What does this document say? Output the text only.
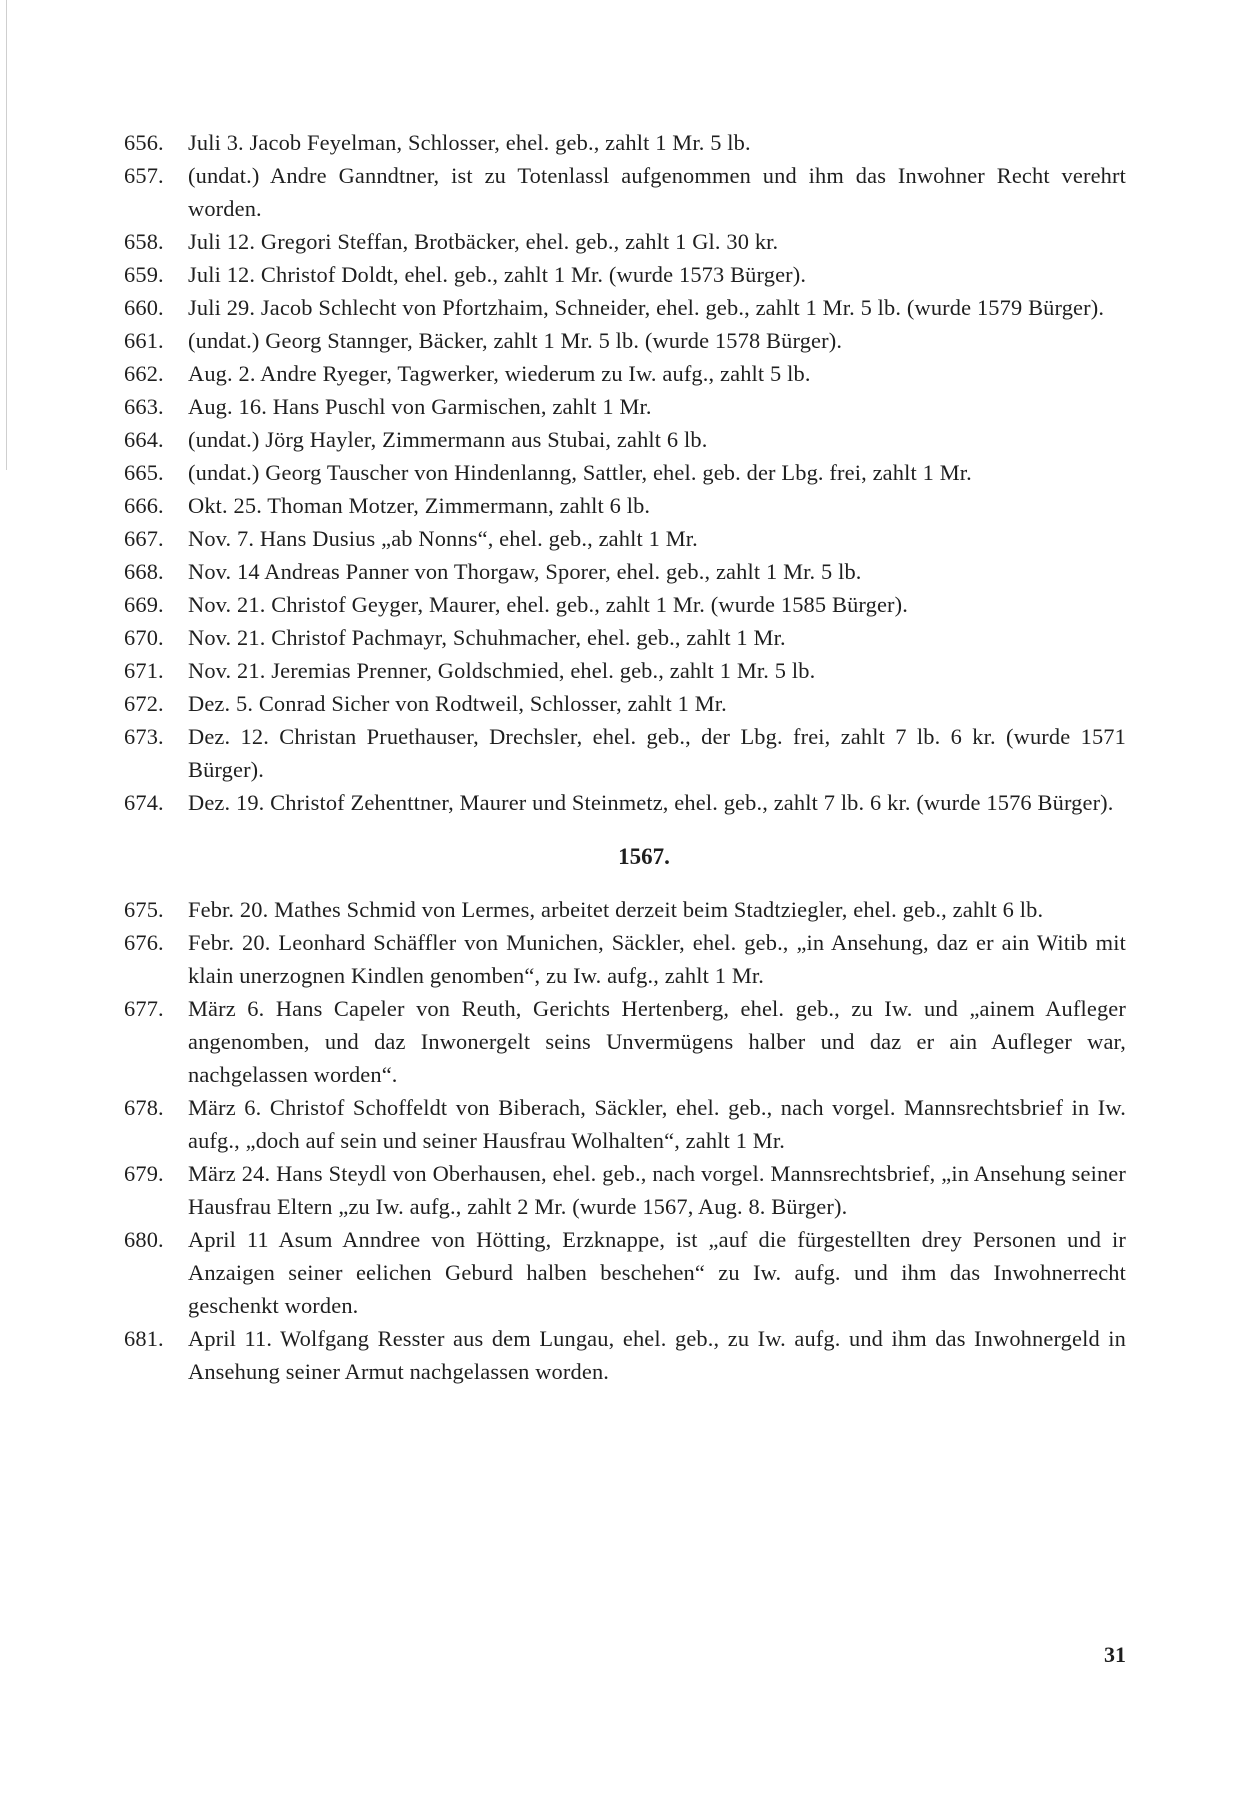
656.	Juli 3. Jacob Feyelman, Schlosser, ehel. geb., zahlt 1 Mr. 5 lb.
657.	(undat.) Andre Ganndtner, ist zu Totenlassl aufgenommen und ihm das Inwohner Recht verehrt worden.
658.	Juli 12. Gregori Steffan, Brotbäcker, ehel. geb., zahlt 1 Gl. 30 kr.
659.	Juli 12. Christof Doldt, ehel. geb., zahlt 1 Mr. (wurde 1573 Bürger).
660.	Juli 29. Jacob Schlecht von Pfortzhaim, Schneider, ehel. geb., zahlt 1 Mr. 5 lb. (wurde 1579 Bürger).
661.	(undat.) Georg Stannger, Bäcker, zahlt 1 Mr. 5 lb. (wurde 1578 Bürger).
662.	Aug. 2. Andre Ryeger, Tagwerker, wiederum zu Iw. aufg., zahlt 5 lb.
663.	Aug. 16. Hans Puschl von Garmischen, zahlt 1 Mr.
664.	(undat.) Jörg Hayler, Zimmermann aus Stubai, zahlt 6 lb.
665.	(undat.) Georg Tauscher von Hindenlanng, Sattler, ehel. geb. der Lbg. frei, zahlt 1 Mr.
666.	Okt. 25. Thoman Motzer, Zimmermann, zahlt 6 lb.
667.	Nov. 7. Hans Dusius „ab Nonns“, ehel. geb., zahlt 1 Mr.
668.	Nov. 14 Andreas Panner von Thorgaw, Sporer, ehel. geb., zahlt 1 Mr. 5 lb.
669.	Nov. 21. Christof Geyger, Maurer, ehel. geb., zahlt 1 Mr. (wurde 1585 Bürger).
670.	Nov. 21. Christof Pachmayr, Schuhmacher, ehel. geb., zahlt 1 Mr.
671.	Nov. 21. Jeremias Prenner, Goldschmied, ehel. geb., zahlt 1 Mr. 5 lb.
672.	Dez. 5. Conrad Sicher von Rodtweil, Schlosser, zahlt 1 Mr.
673.	Dez. 12. Christan Pruethauser, Drechsler, ehel. geb., der Lbg. frei, zahlt 7 lb. 6 kr. (wurde 1571 Bürger).
674.	Dez. 19. Christof Zehenttner, Maurer und Steinmetz, ehel. geb., zahlt 7 lb. 6 kr. (wurde 1576 Bürger).
1567.
675.	Febr. 20. Mathes Schmid von Lermes, arbeitet derzeit beim Stadtziegler, ehel. geb., zahlt 6 lb.
676.	Febr. 20. Leonhard Schäffler von Munichen, Säckler, ehel. geb., „in Ansehung, daz er ain Witib mit klain unerzognen Kindlen genomben“, zu Iw. aufg., zahlt 1 Mr.
677.	März 6. Hans Capeler von Reuth, Gerichts Hertenberg, ehel. geb., zu Iw. und „ainem Aufleger angenomben, und daz Inwonergelt seins Unvermügens halber und daz er ain Aufleger war, nachgelassen worden“.
678.	März 6. Christof Schoffeldt von Biberach, Säckler, ehel. geb., nach vorgel. Mannsrechtsbrief in Iw. aufg., „doch auf sein und seiner Hausfrau Wolhalten“, zahlt 1 Mr.
679.	März 24. Hans Steydl von Oberhausen, ehel. geb., nach vorgel. Mannsrechtsbrief, „in Ansehung seiner Hausfrau Eltern „zu Iw. aufg., zahlt 2 Mr. (wurde 1567, Aug. 8. Bürger).
680.	April 11 Asum Anndree von Hötting, Erzknappe, ist „auf die fürgestellten drey Personen und ir Anzaigen seiner eelichen Geburd halben beschehen“ zu Iw. aufg. und ihm das Inwohnerrecht geschenkt worden.
681.	April 11. Wolfgang Resster aus dem Lungau, ehel. geb., zu Iw. aufg. und ihm das Inwohnergeld in Ansehung seiner Armut nachgelassen worden.
31
